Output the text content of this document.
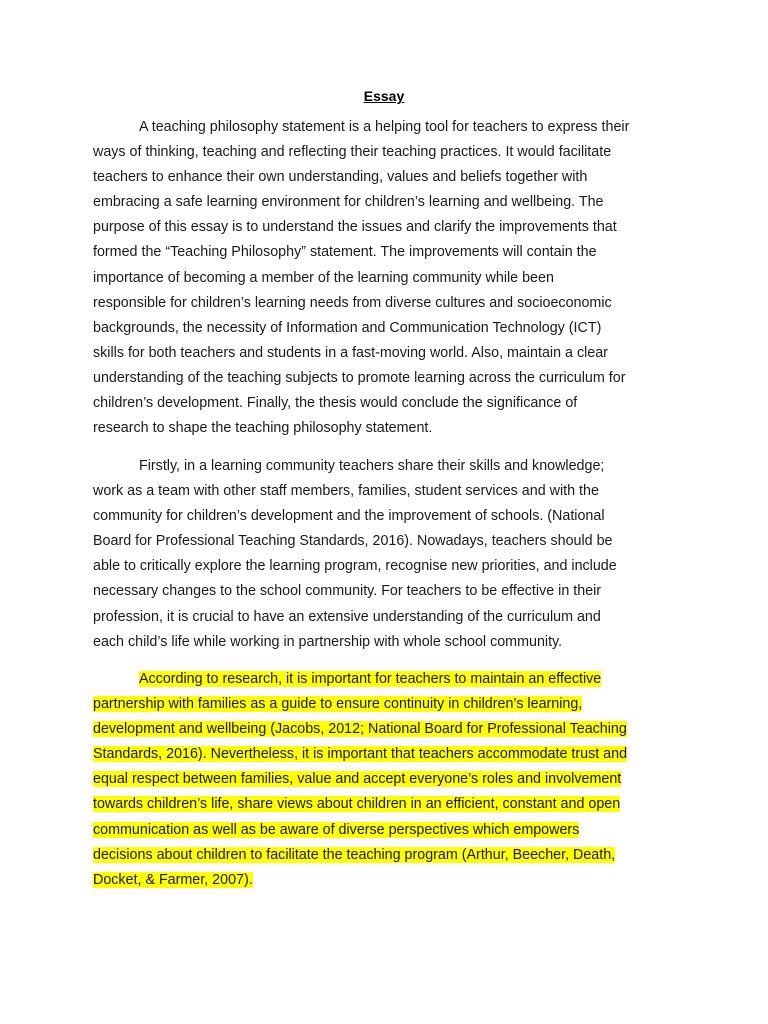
Essay
A teaching philosophy statement is a helping tool for teachers to express their
ways of thinking, teaching and reflecting their teaching practices. It would facilitate
teachers to enhance their own understanding, values and beliefs together with
embracing a safe learning environment for children’s learning and wellbeing. The
purpose of this essay is to understand the issues and clarify the improvements that
formed the “Teaching Philosophy” statement. The improvements will contain the
importance of becoming a member of the learning community while been
responsible for children’s learning needs from diverse cultures and socioeconomic
backgrounds, the necessity of Information and Communication Technology (ICT)
skills for both teachers and students in a fast-moving world. Also, maintain a clear
understanding of the teaching subjects to promote learning across the curriculum for
children’s development. Finally, the thesis would conclude the significance of
research to shape the teaching philosophy statement.
Firstly, in a learning community teachers share their skills and knowledge;
work as a team with other staff members, families, student services and with the
community for children’s development and the improvement of schools. (National
Board for Professional Teaching Standards, 2016). Nowadays, teachers should be
able to critically explore the learning program, recognise new priorities, and include
necessary changes to the school community. For teachers to be effective in their
profession, it is crucial to have an extensive understanding of the curriculum and
each child’s life while working in partnership with whole school community.
According to research, it is important for teachers to maintain an effective
partnership with families as a guide to ensure continuity in children’s learning,
development and wellbeing (Jacobs, 2012; National Board for Professional Teaching
Standards, 2016). Nevertheless, it is important that teachers accommodate trust and
equal respect between families, value and accept everyone’s roles and involvement
towards children’s life, share views about children in an efficient, constant and open
communication as well as be aware of diverse perspectives which empowers
decisions about children to facilitate the teaching program (Arthur, Beecher, Death,
Docket, & Farmer, 2007).
